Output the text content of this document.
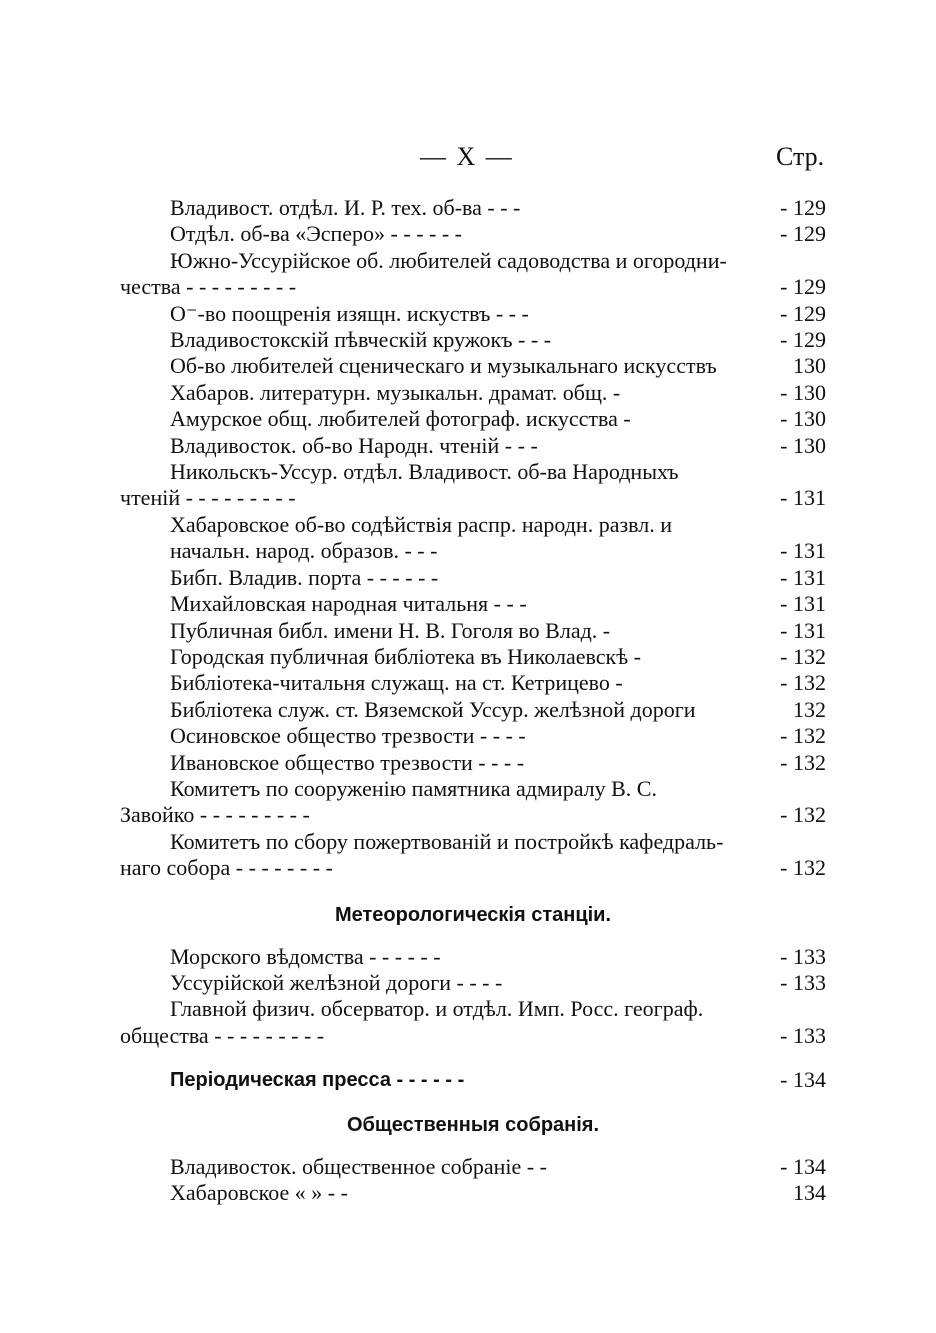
— X —	Стр.
Владивост. отдѣл. И. Р. тех. об-ва - - -	- 129
Отдѣл. об-ва «Эсперо» - - - - - -	- 129
Южно-Уссурійское об. любителей садоводства и огородни-
чества - - - - - - - - -	- 129
О⁻-во поощренія изящн. искуствъ - - -	- 129
Владивостокскій пѣвческій кружокъ - - -	- 129
Об-во любителей сценическаго и музыкальнаго искусствъ	130
Хабаров. литературн. музыкальн. драмат. общ. -	- 130
Амурское общ. любителей фотограф. искусства -	- 130
Владивосток. об-во Народн. чтеній - - -	- 130
Никольскъ-Уссур. отдѣл. Владивост. об-ва Народныхъ
чтеній - - - - - - - - -	- 131
Хабаровское об-во содѣйствія распр. народн. развл. и
начальн. народ. образов. - - -	- 131
Бибп. Владив. порта - - - - - -	- 131
Михайловская народная читальня - - -	- 131
Публичная библ. имени Н. В. Гоголя во Влад. -	- 131
Городская публичная библіотека въ Николаевскѣ -	- 132
Библіотека-читальня служащ. на ст. Кетрицево -	- 132
Библіотека служ. ст. Вяземской Уссур. желѣзной дороги	132
Осиновское общество трезвости - - - -	- 132
Ивановское общество трезвости - - - -	- 132
Комитетъ по сооруженію памятника адмиралу В. С.
Завойко - - - - - - - - -	- 132
Комитетъ по сбору пожертвованій и постройкѣ кафедраль-
наго собора - - - - - - - -	- 132
Метеорологическія станціи.
Морского вѣдомства - - - - - -	- 133
Уссурійской желѣзной дороги - - - -	- 133
Главной физич. обсерватор. и отдѣл. Имп. Росс. географ.
общества - - - - - - - - -	- 133
Періодическая пресса - - - - - -	- 134
Общественныя собранія.
Владивосток. общественное собраніе - -	- 134
Хабаровское « » - -	134
